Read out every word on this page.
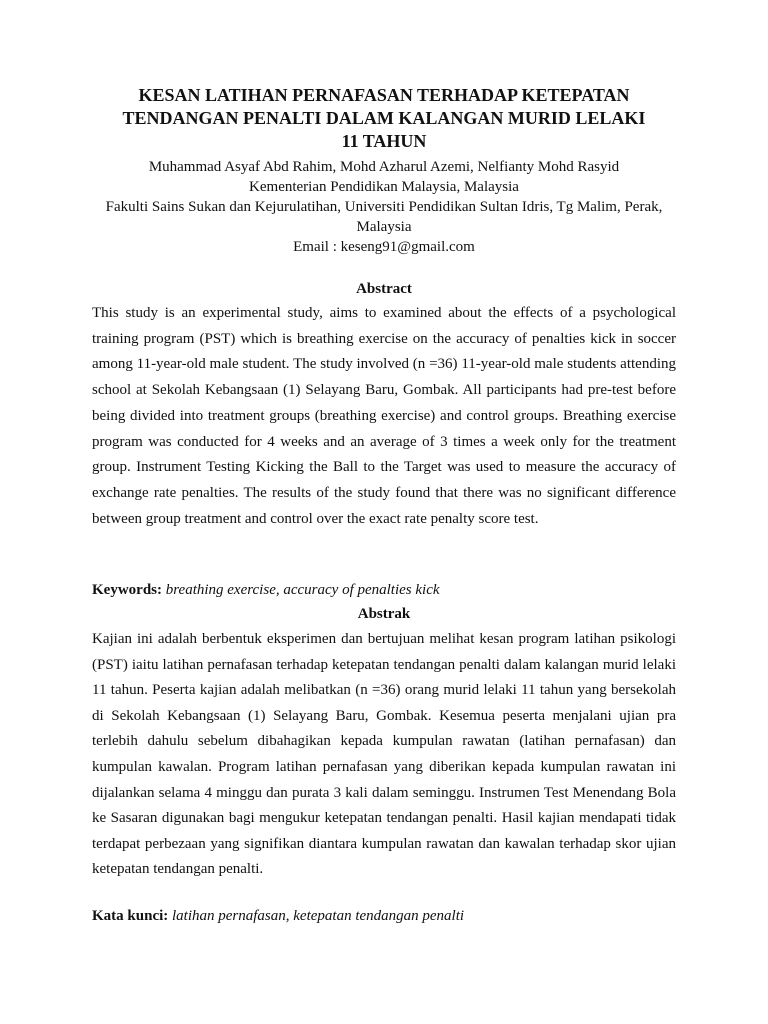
KESAN LATIHAN PERNAFASAN TERHADAP KETEPATAN
TENDANGAN PENALTI DALAM KALANGAN MURID LELAKI
11 TAHUN
Muhammad Asyaf Abd Rahim, Mohd Azharul Azemi, Nelfianty Mohd Rasyid
Kementerian Pendidikan Malaysia, Malaysia
Fakulti Sains Sukan dan Kejurulatihan, Universiti Pendidikan Sultan Idris, Tg Malim, Perak,
Malaysia
Email : keseng91@gmail.com
Abstract

This study is an experimental study, aims to examined about the effects of a psychological training program (PST) which is breathing exercise on the accuracy of penalties kick in soccer among 11-year-old male student. The study involved (n =36) 11-year-old male students attending school at Sekolah Kebangsaan (1) Selayang Baru, Gombak. All participants had pre-test before being divided into treatment groups (breathing exercise) and control groups. Breathing exercise program was conducted for 4 weeks and an average of 3 times a week only for the treatment group. Instrument Testing Kicking the Ball to the Target was used to measure the accuracy of exchange rate penalties. The results of the study found that there was no significant difference between group treatment and control over the exact rate penalty score test.

Keywords: breathing exercise, accuracy of penalties kick

Abstrak

Kajian ini adalah berbentuk eksperimen dan bertujuan melihat kesan program latihan psikologi (PST) iaitu latihan pernafasan terhadap ketepatan tendangan penalti dalam kalangan murid lelaki 11 tahun. Peserta kajian adalah melibatkan (n =36) orang murid lelaki 11 tahun yang bersekolah di Sekolah Kebangsaan (1) Selayang Baru, Gombak. Kesemua peserta menjalani ujian pra terlebih dahulu sebelum dibahagikan kepada kumpulan rawatan (latihan pernafasan) dan kumpulan kawalan. Program latihan pernafasan yang diberikan kepada kumpulan rawatan ini dijalankan selama 4 minggu dan purata 3 kali dalam seminggu. Instrumen Test Menendang Bola ke Sasaran digunakan bagi mengukur ketepatan tendangan penalti. Hasil kajian mendapati tidak terdapat perbezaan yang signifikan diantara kumpulan rawatan dan kawalan terhadap skor ujian ketepatan tendangan penalti.

Kata kunci: latihan pernafasan, ketepatan tendangan penalti
